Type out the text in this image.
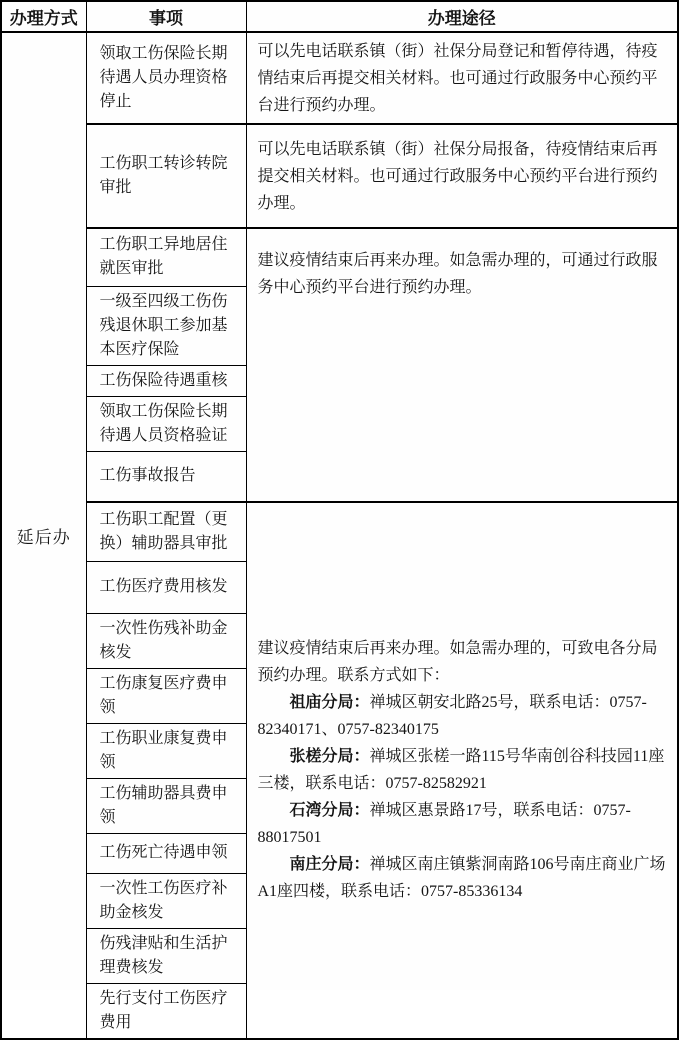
办理方式	事项	办理途径
延后办	领取工伤保险长期待遇人员办理资格停止	可以先电话联系镇（街）社保分局登记和暂停待遇，待疫情结束后再提交相关材料。也可通过行政服务中心预约平台进行预约办理。

	工伤职工转诊转院审批	可以先电话联系镇（街）社保分局报备，待疫情结束后再提交相关材料。也可通过行政服务中心预约平台进行预约办理。

	工伤职工异地居住就医审批	建议疫情结束后再来办理。如急需办理的，可通过行政服务中心预约平台进行预约办理。

	一级至四级工伤伤残退休职工参加基本医疗保险	
	工伤保险待遇重核	
	领取工伤保险长期待遇人员资格验证	
	工伤事故报告	
	工伤职工配置（更换）辅助器具审批	建议疫情结束后再来办理。如急需办理的，可致电各分局预约办理。联系方式如下：

祖庙分局：禅城区朝安北路25号，联系电话：0757-82340171、0757-82340175

张槎分局：禅城区张槎一路115号华南创谷科技园11座三楼，联系电话：0757-82582921

石湾分局：禅城区惠景路17号，联系电话：0757-88017501

南庄分局：禅城区南庄镇紫洞南路106号南庄商业广场A1座四楼，联系电话：0757-85336134

	工伤医疗费用核发	
	一次性伤残补助金核发	
	工伤康复医疗费申领	
	工伤职业康复费申领	
	工伤辅助器具费申领	
	工伤死亡待遇申领	
	一次性工伤医疗补助金核发	
	伤残津贴和生活护理费核发	
	先行支付工伤医疗费用	
